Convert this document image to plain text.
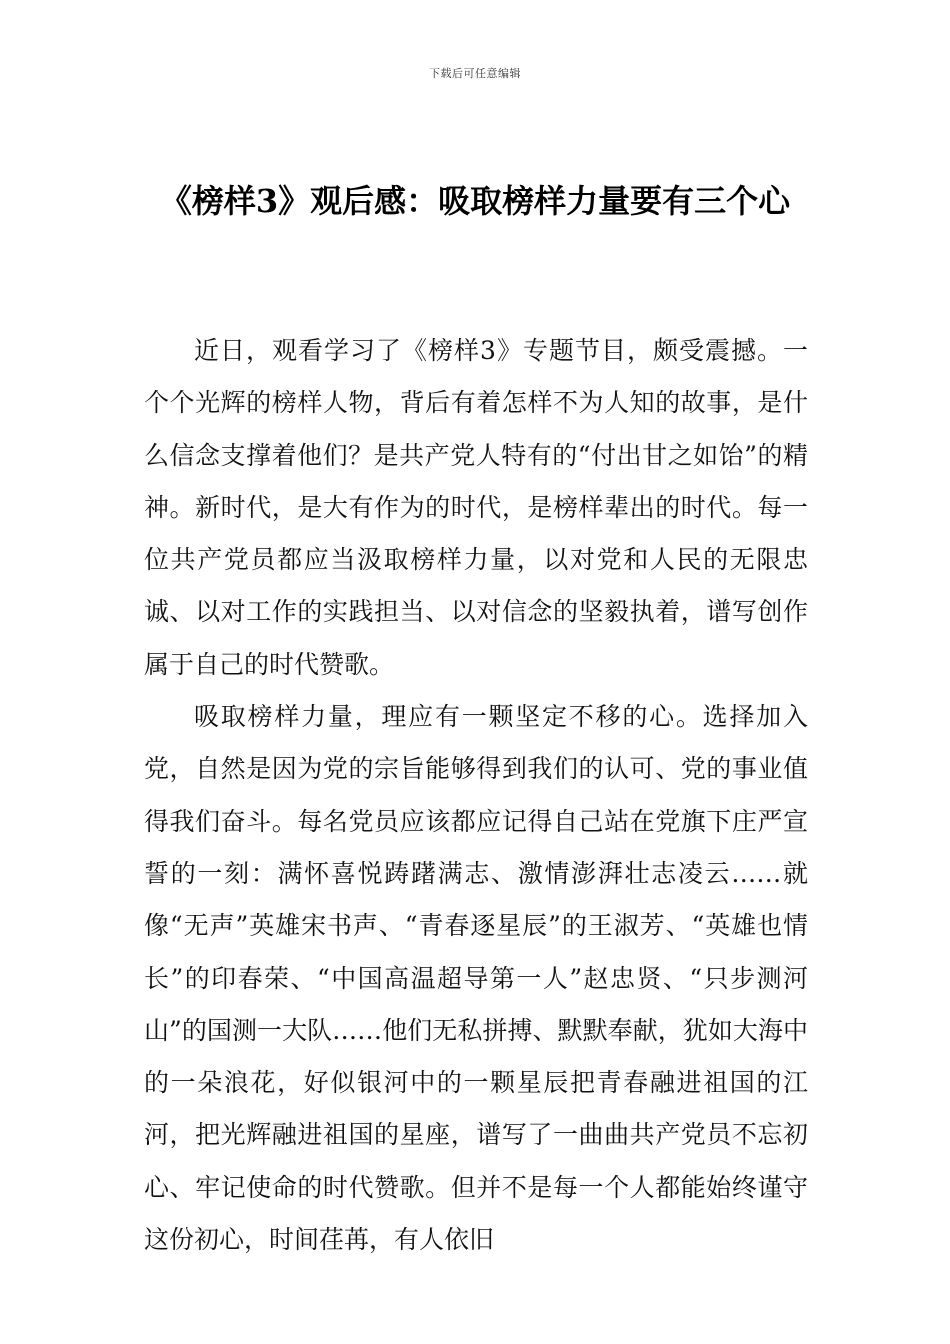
下载后可任意编辑
《榜样3》观后感：吸取榜样力量要有三个心

近日，观看学习了《榜样3》专题节目，颇受震撼。一个个光辉的榜样人物，背后有着怎样不为人知的故事，是什么信念支撑着他们？是共产党人特有的“付出甘之如饴”的精神。新时代，是大有作为的时代，是榜样辈出的时代。每一位共产党员都应当汲取榜样力量，以对党和人民的无限忠诚、以对工作的实践担当、以对信念的坚毅执着，谱写创作属于自己的时代赞歌。

吸取榜样力量，理应有一颗坚定不移的心。选择加入党，自然是因为党的宗旨能够得到我们的认可、党的事业值得我们奋斗。每名党员应该都应记得自己站在党旗下庄严宣誓的一刻：满怀喜悦踌躇满志、激情澎湃壮志凌云……就像“无声”英雄宋书声、“青春逐星辰”的王淑芳、“英雄也情长”的印春荣、“中国高温超导第一人”赵忠贤、“只步测河山”的国测一大队……他们无私拼搏、默默奉献，犹如大海中的一朵浪花，好似银河中的一颗星辰把青春融进祖国的江河，把光辉融进祖国的星座，谱写了一曲曲共产党员不忘初心、牢记使命的时代赞歌。但并不是每一个人都能始终谨守这份初心，时间荏苒，有人依旧
